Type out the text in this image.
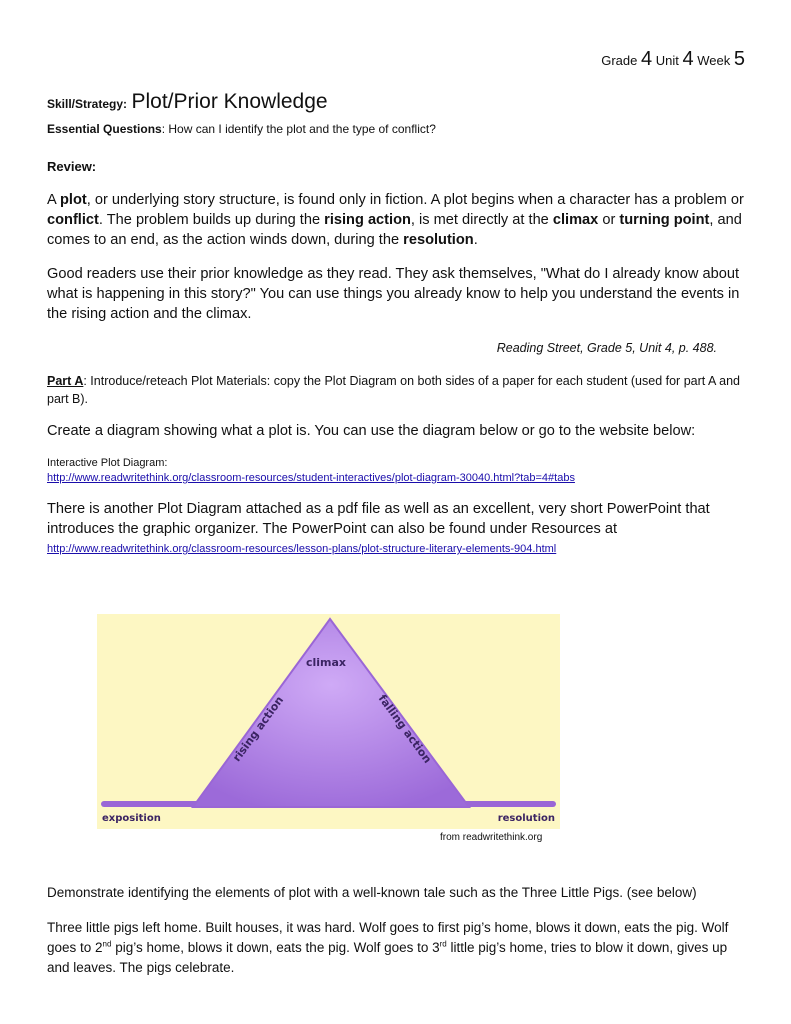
Grade 4 Unit 4 Week 5
Skill/Strategy: Plot/Prior Knowledge
Essential Questions: How can I identify the plot and the type of conflict?
Review:
A plot, or underlying story structure, is found only in fiction. A plot begins when a character has a problem or conflict. The problem builds up during the rising action, is met directly at the climax or turning point, and comes to an end, as the action winds down, during the resolution.
Good readers use their prior knowledge as they read. They ask themselves, "What do I already know about what is happening in this story?" You can use things you already know to help you understand the events in the rising action and the climax.
Reading Street, Grade 5, Unit 4, p. 488.
Part A: Introduce/reteach Plot Materials: copy the Plot Diagram on both sides of a paper for each student (used for part A and part B).
Create a diagram showing what a plot is. You can use the diagram below or go to the website below:
Interactive Plot Diagram:
http://www.readwritethink.org/classroom-resources/student-interactives/plot-diagram-30040.html?tab=4#tabs
There is another Plot Diagram attached as a pdf file as well as an excellent, very short PowerPoint that introduces the graphic organizer. The PowerPoint can also be found under Resources at
http://www.readwritethink.org/classroom-resources/lesson-plans/plot-structure-literary-elements-904.html
climax
rising action	falling action
exposition	resolution
from readwritethink.org
Demonstrate identifying the elements of plot with a well-known tale such as the Three Little Pigs. (see below)
Three little pigs left home. Built houses, it was hard. Wolf goes to first pig’s home, blows it down, eats the pig. Wolf goes to 2nd pig’s home, blows it down, eats the pig. Wolf goes to 3rd little pig’s home, tries to blow it down, gives up and leaves. The pigs celebrate.
